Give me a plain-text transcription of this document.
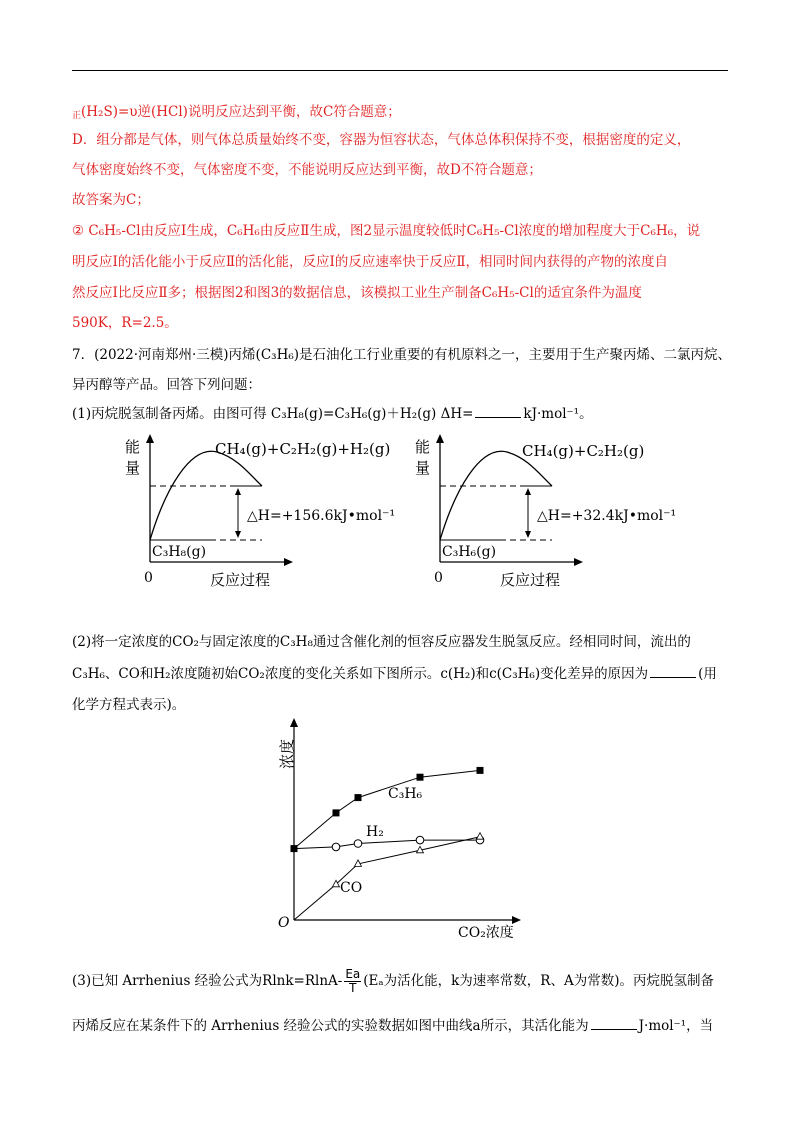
$_正$(H₂S)=υ逆(HCl)说明反应达到平衡，故C符合题意；
D．组分都是气体，则气体总质量始终不变，容器为恒容状态，气体总体积保持不变，根据密度的定义，
气体密度始终不变，气体密度不变，不能说明反应达到平衡，故D不符合题意；
故答案为C；
② C₆H₅-Cl由反应Ⅰ生成，C₆H₆由反应Ⅱ生成，图2显示温度较低时C₆H₅-Cl浓度的增加程度大于C₆H₆，说
明反应Ⅰ的活化能小于反应Ⅱ的活化能，反应Ⅰ的反应速率快于反应Ⅱ，相同时间内获得的产物的浓度自
然反应Ⅰ比反应Ⅱ多；根据图2和图3的数据信息，该模拟工业生产制备C₆H₅-Cl的适宜条件为温度
590K，R=2.5。
7．(2022·河南郑州·三模)丙烯(C₃H₆)是石油化工行业重要的有机原料之一，主要用于生产聚丙烯、二氯丙烷、
异丙醇等产品。回答下列问题：
(1)丙烷脱氢制备丙烯。由图可得 C₃H₈(g)=C₃H₆(g)＋H₂(g) ΔH=	kJ·mol⁻¹。
能
量
CH₄(g)+C₂H₂(g)+H₂(g)
△H=+156.6kJ•mol⁻¹
C₃H₈(g)
0	反应过程
能
量
CH₄(g)+C₂H₂(g)
△H=+32.4kJ•mol⁻¹
C₃H₆(g)
0	反应过程
(2)将一定浓度的CO₂与固定浓度的C₃H₈通过含催化剂的恒容反应器发生脱氢反应。经相同时间，流出的
C₃H₆、CO和H₂浓度随初始CO₂浓度的变化关系如下图所示。c(H₂)和c(C₃H₆)变化差异的原因为	(用
化学方程式表示)。
浓度
O
CO₂浓度
C₃H₆
H₂
CO
(3)已知 Arrhenius 经验公式为$Rlnk=RlnA- \frac{Ea}{T} (E_a$为活化能，k为速率常数，R、A为常数)。丙烷脱氢制备
丙烯反应在某条件下的 Arrhenius 经验公式的实验数据如图中曲线a所示，其活化能为	J·mol⁻¹，当
